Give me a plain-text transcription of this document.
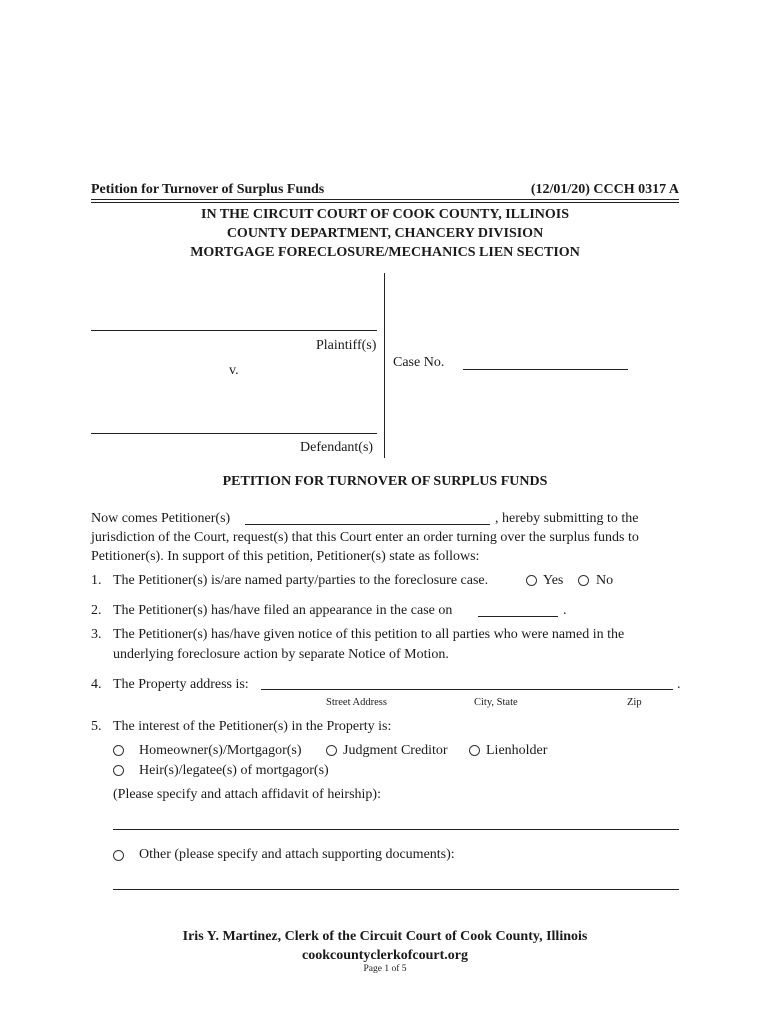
Petition for Turnover of Surplus Funds	(12/01/20) CCCH 0317 A
IN THE CIRCUIT COURT OF COOK COUNTY, ILLINOIS
COUNTY DEPARTMENT, CHANCERY DIVISION
MORTGAGE FORECLOSURE/MECHANICS LIEN SECTION
Plaintiff(s)
v.
Defendant(s)
Case No.
PETITION FOR TURNOVER OF SURPLUS FUNDS
Now comes Petitioner(s)	, hereby submitting to the
jurisdiction of the Court, request(s) that this Court enter an order turning over the surplus funds to
Petitioner(s). In support of this petition, Petitioner(s) state as follows:
1. The Petitioner(s) is/are named party/parties to the foreclosure case.	Yes No
2. The Petitioner(s) has/have filed an appearance in the case on	.
3. The Petitioner(s) has/have given notice of this petition to all parties who were named in the
underlying foreclosure action by separate Notice of Motion.
4. The Property address is:	.
Street Address	City, State	Zip
5. The interest of the Petitioner(s) in the Property is:
Homeowner(s)/Mortgagor(s)	Judgment Creditor	Lienholder
Heir(s)/legatee(s) of mortgagor(s)
(Please specify and attach affidavit of heirship):
Other (please specify and attach supporting documents):
Iris Y. Martinez, Clerk of the Circuit Court of Cook County, Illinois
cookcountyclerkofcourt.org
Page 1 of 5
